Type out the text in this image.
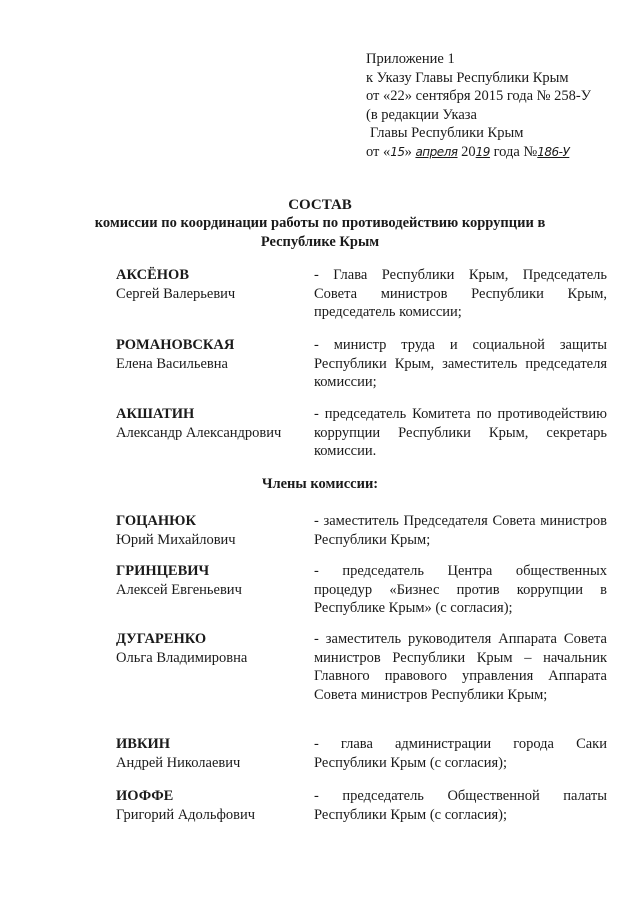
Приложение 1
к Указу Главы Республики Крым
от «22» сентября 2015 года № 258-У
(в редакции Указа
Главы Республики Крым
от «15» апреля 2019 года №186-У
СОСТАВ
комиссии по координации работы по противодействию коррупции в
Республике Крым
АКСЁНОВ
Сергей Валерьевич
- Глава Республики Крым, Председатель Совета министров Республики Крым, председатель комиссии;
РОМАНОВСКАЯ
Елена Васильевна
- министр труда и социальной защиты Республики Крым, заместитель председателя комиссии;
АКШАТИН
Александр Александрович
- председатель Комитета по противодействию коррупции Республики Крым, секретарь комиссии.
Члены комиссии:
ГОЦАНЮК
Юрий Михайлович
- заместитель Председателя Совета министров Республики Крым;
ГРИНЦЕВИЧ
Алексей Евгеньевич
- председатель Центра общественных процедур «Бизнес против коррупции в Республике Крым» (с согласия);
ДУГАРЕНКО
Ольга Владимировна
- заместитель руководителя Аппарата Совета министров Республики Крым – начальник Главного правового управления Аппарата Совета министров Республики Крым;
ИВКИН
Андрей Николаевич
- глава администрации города Саки Республики Крым (с согласия);
ИОФФЕ
Григорий Адольфович
- председатель Общественной палаты Республики Крым (с согласия);
